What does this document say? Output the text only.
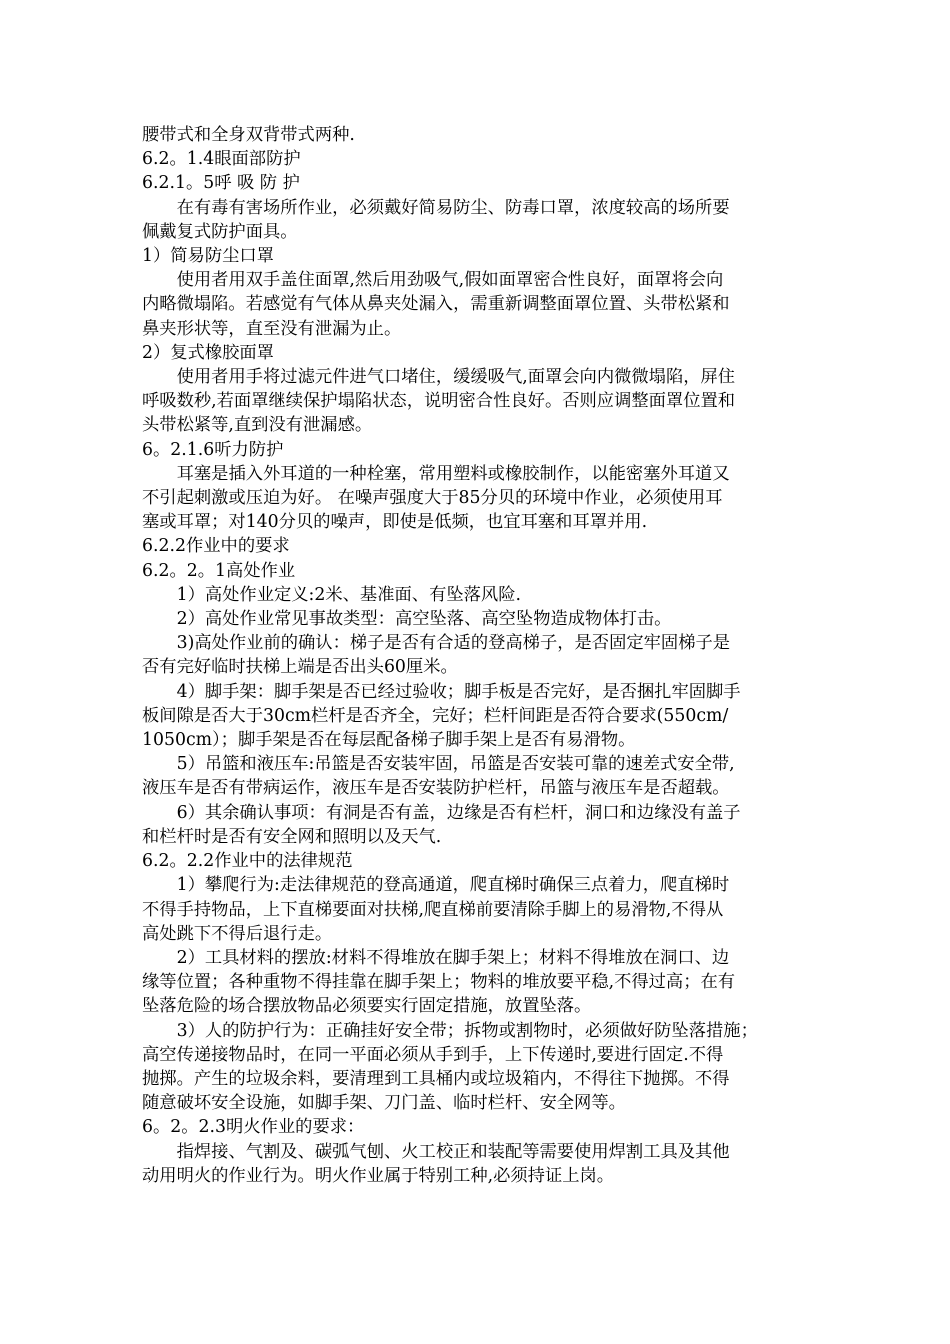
腰带式和全身双背带式两种.

6.2。1.4眼面部防护

6.2.1。5呼 吸 防 护

在有毒有害场所作业，必须戴好简易防尘、防毒口罩，浓度较高的场所要

佩戴复式防护面具。

1）简易防尘口罩

使用者用双手盖住面罩,然后用劲吸气,假如面罩密合性良好，面罩将会向

内略微塌陷。若感觉有气体从鼻夹处漏入，需重新调整面罩位置、头带松紧和

鼻夹形状等，直至没有泄漏为止。

2）复式橡胶面罩

使用者用手将过滤元件进气口堵住，缓缓吸气,面罩会向内微微塌陷，屏住

呼吸数秒,若面罩继续保护塌陷状态，说明密合性良好。否则应调整面罩位置和

头带松紧等,直到没有泄漏感。

6。2.1.6听力防护

耳塞是插入外耳道的一种栓塞，常用塑料或橡胶制作，以能密塞外耳道又

不引起刺激或压迫为好。 在噪声强度大于85分贝的环境中作业，必须使用耳

塞或耳罩；对140分贝的噪声，即使是低频，也宜耳塞和耳罩并用.

6.2.2作业中的要求

6.2。2。1高处作业

1）高处作业定义:2米、基准面、有坠落风险.

2）高处作业常见事故类型：高空坠落、高空坠物造成物体打击。

3)高处作业前的确认：梯子是否有合适的登高梯子，是否固定牢固梯子是

否有完好临时扶梯上端是否出头60厘米。

4）脚手架：脚手架是否已经过验收；脚手板是否完好，是否捆扎牢固脚手

板间隙是否大于30cm栏杆是否齐全，完好；栏杆间距是否符合要求(550cm/

1050cm）；脚手架是否在每层配备梯子脚手架上是否有易滑物。

5）吊篮和液压车:吊篮是否安装牢固，吊篮是否安装可靠的速差式安全带,

液压车是否有带病运作，液压车是否安装防护栏杆，吊篮与液压车是否超载。

6）其余确认事项：有洞是否有盖，边缘是否有栏杆，洞口和边缘没有盖子

和栏杆时是否有安全网和照明以及天气.

6.2。2.2作业中的法律规范

1）攀爬行为:走法律规范的登高通道，爬直梯时确保三点着力，爬直梯时

不得手持物品，上下直梯要面对扶梯,爬直梯前要清除手脚上的易滑物,不得从

高处跳下不得后退行走。

2）工具材料的摆放:材料不得堆放在脚手架上；材料不得堆放在洞口、边

缘等位置；各种重物不得挂靠在脚手架上；物料的堆放要平稳,不得过高；在有

坠落危险的场合摆放物品必须要实行固定措施，放置坠落。

3）人的防护行为：正确挂好安全带；拆物或割物时，必须做好防坠落措施；

高空传递接物品时，在同一平面必须从手到手，上下传递时,要进行固定.不得

抛掷。产生的垃圾余料，要清理到工具桶内或垃圾箱内，不得往下抛掷。不得

随意破坏安全设施，如脚手架、刀门盖、临时栏杆、安全网等。

6。2。2.3明火作业的要求：

指焊接、气割及、碳弧气刨、火工校正和装配等需要使用焊割工具及其他

动用明火的作业行为。明火作业属于特别工种,必须持证上岗。
